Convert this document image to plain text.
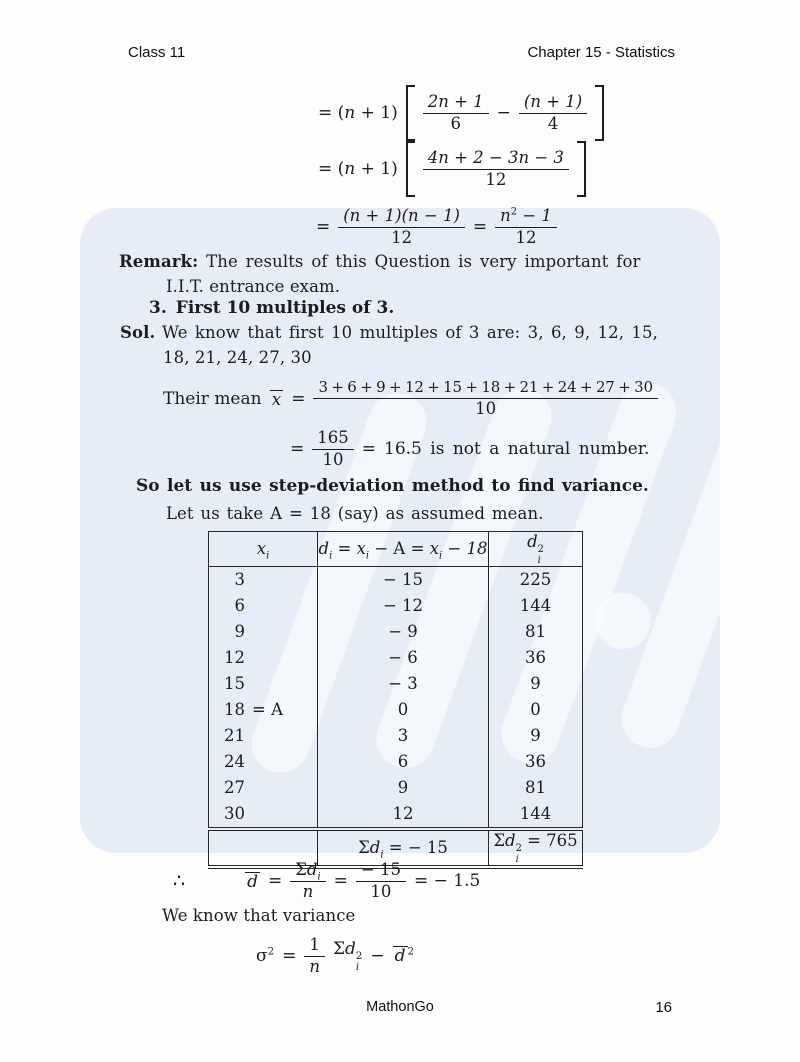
Class 11	Chapter 15 - Statistics
= $(n + 1) \frac{2n + 1}{6} - \frac{(n + 1)}{4}$
= $(n + 1) \frac{4n + 2 - 3n - 3}{12}$
= $\frac{(n + 1)(n - 1)}{12} = \frac{n^2 - 1}{12}$
Remark: The results of this Question is very important for
I.I.T. entrance exam.
3. First 10 multiples of 3.
Sol. We know that first 10 multiples of 3 are: 3, 6, 9, 12, 15,
18, 21, 24, 27, 30
Their mean $x = \frac{3 + 6 + 9 + 12 + 15 + 18 + 21 + 24 + 27 + 30}{10}$
= $\frac{165}{10} = 16.5$ is not a natural number.
So let us use step-deviation method to find variance.
Let us take A = 18 (say) as assumed mean.
$x_i$	$d_i = x_i - A = x_i - 18$	d 2
i

3	− 15	225
6	− 12	144
9	− 9	81
12	− 6	36
15	− 3	9
18 = A	0	0
21	3	9
24	6	36
27	9	81
30	12	144
	$\Sigma d_i$ = − 15	Σd 2
i
= 765
∴	$d = \frac{\Sigma d_i}{n} = \frac{- 15}{10}$ = − 1.5
We know that variance
$\sigma^2 = \frac{1}{n}$ Σd 2
i
− d $^2$
MathonGo	16
